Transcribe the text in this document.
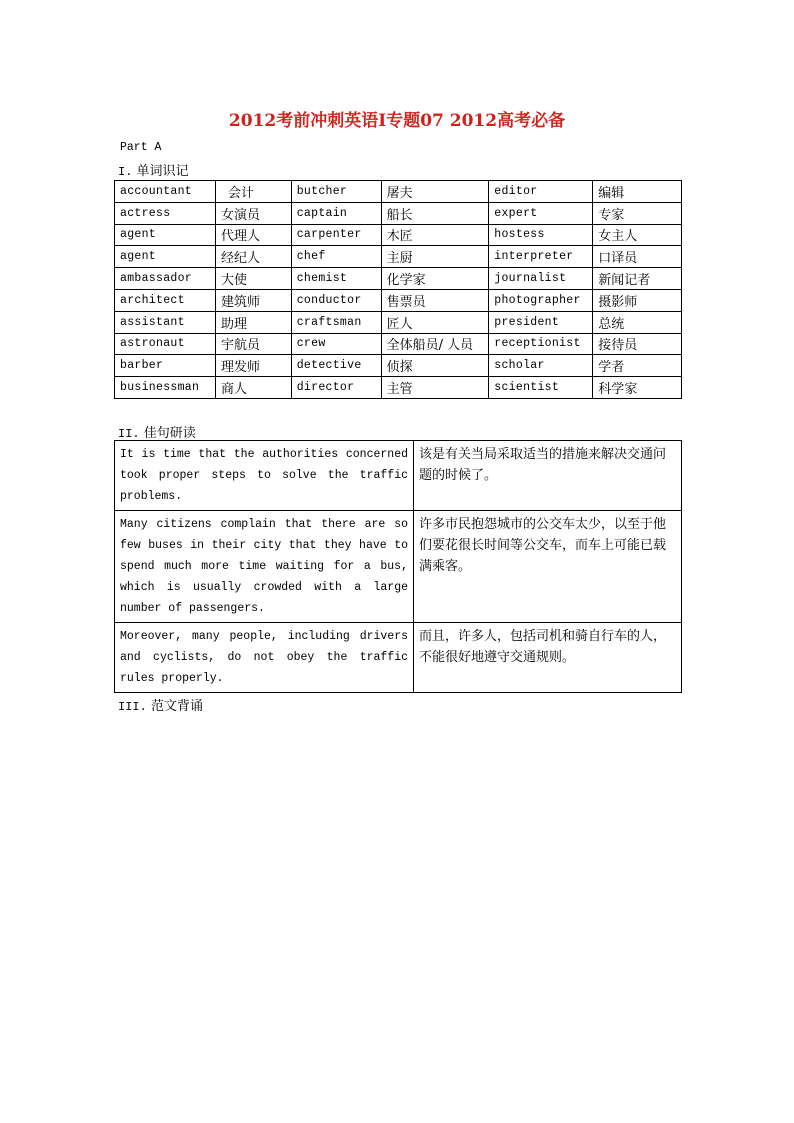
2012考前冲刺英语Ⅰ专题07 2012高考必备
Part A
I. 单词识记
accountant	会计	butcher	屠夫	editor	编辑
actress	女演员	captain	船长	expert	专家
agent	代理人	carpenter	木匠	hostess	女主人
agent	经纪人	chef	主厨	interpreter	口译员
ambassador	大使	chemist	化学家	journalist	新闻记者
architect	建筑师	conductor	售票员	photographer	摄影师
assistant	助理	craftsman	匠人	president	总统
astronaut	宇航员	crew	全体船员/ 人员	receptionist	接待员
barber	理发师	detective	侦探	scholar	学者
businessman	商人	director	主管	scientist	科学家
II. 佳句研读
It is time that the authorities concerned took proper steps to solve the traffic problems.	该是有关当局采取适当的措施来解决交通问题的时候了。
Many citizens complain that there are so few buses in their city that they have to spend much more time waiting for a bus, which is usually crowded with a large number of passengers.	许多市民抱怨城市的公交车太少，以至于他们要花很长时间等公交车，而车上可能已载满乘客。
Moreover, many people, including drivers and cyclists, do not obey the traffic rules properly.	而且，许多人，包括司机和骑自行车的人，不能很好地遵守交通规则。
III. 范文背诵
